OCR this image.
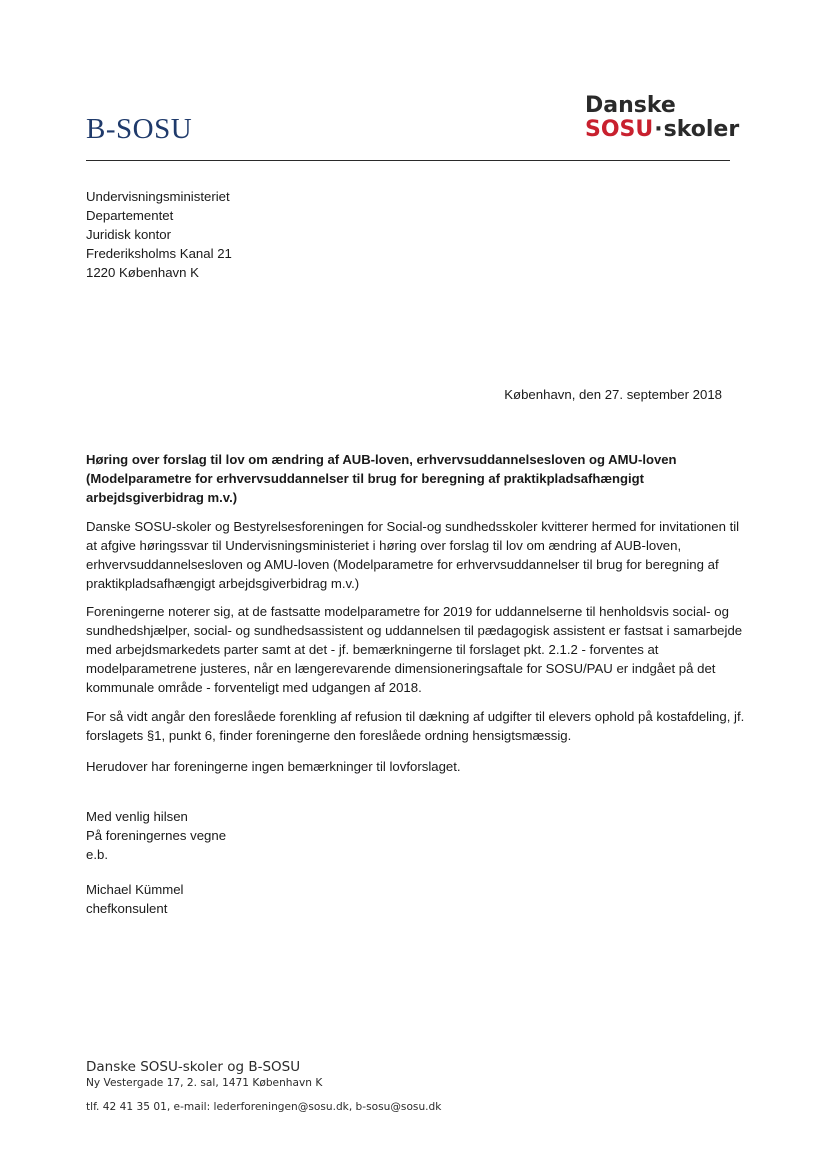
B-SOSU
Danske
SOSU·skoler
Undervisningsministeriet
Departementet
Juridisk kontor
Frederiksholms Kanal 21
1220 København K
København, den 27. september 2018
Høring over forslag til lov om ændring af AUB-loven, erhvervsuddannelsesloven og AMU-loven (Modelparametre for erhvervsuddannelser til brug for beregning af praktikpladsafhængigt arbejdsgiverbidrag m.v.)
Danske SOSU-skoler og Bestyrelsesforeningen for Social-og sundhedsskoler kvitterer hermed for invitationen til at afgive høringssvar til Undervisningsministeriet i høring over forslag til lov om ændring af AUB-loven, erhvervsuddannelsesloven og AMU-loven (Modelparametre for erhvervsuddannelser til brug for beregning af praktikpladsafhængigt arbejdsgiverbidrag m.v.)
Foreningerne noterer sig, at de fastsatte modelparametre for 2019 for uddannelserne til henholdsvis social- og sundhedshjælper, social- og sundhedsassistent og uddannelsen til pædagogisk assistent er fastsat i samarbejde med arbejdsmarkedets parter samt at det - jf. bemærkningerne til forslaget pkt. 2.1.2 - forventes at modelparametrene justeres, når en længerevarende dimensioneringsaftale for SOSU/PAU er indgået på det kommunale område - forventeligt med udgangen af 2018.
For så vidt angår den foreslåede forenkling af refusion til dækning af udgifter til elevers ophold på kostafdeling, jf. forslagets §1, punkt 6, finder foreningerne den foreslåede ordning hensigtsmæssig.
Herudover har foreningerne ingen bemærkninger til lovforslaget.
Med venlig hilsen
På foreningernes vegne
e.b.
Michael Kümmel
chefkonsulent
Danske SOSU-skoler og B-SOSU
Ny Vestergade 17, 2. sal, 1471 København K
tlf. 42 41 35 01, e-mail: lederforeningen@sosu.dk, b-sosu@sosu.dk
